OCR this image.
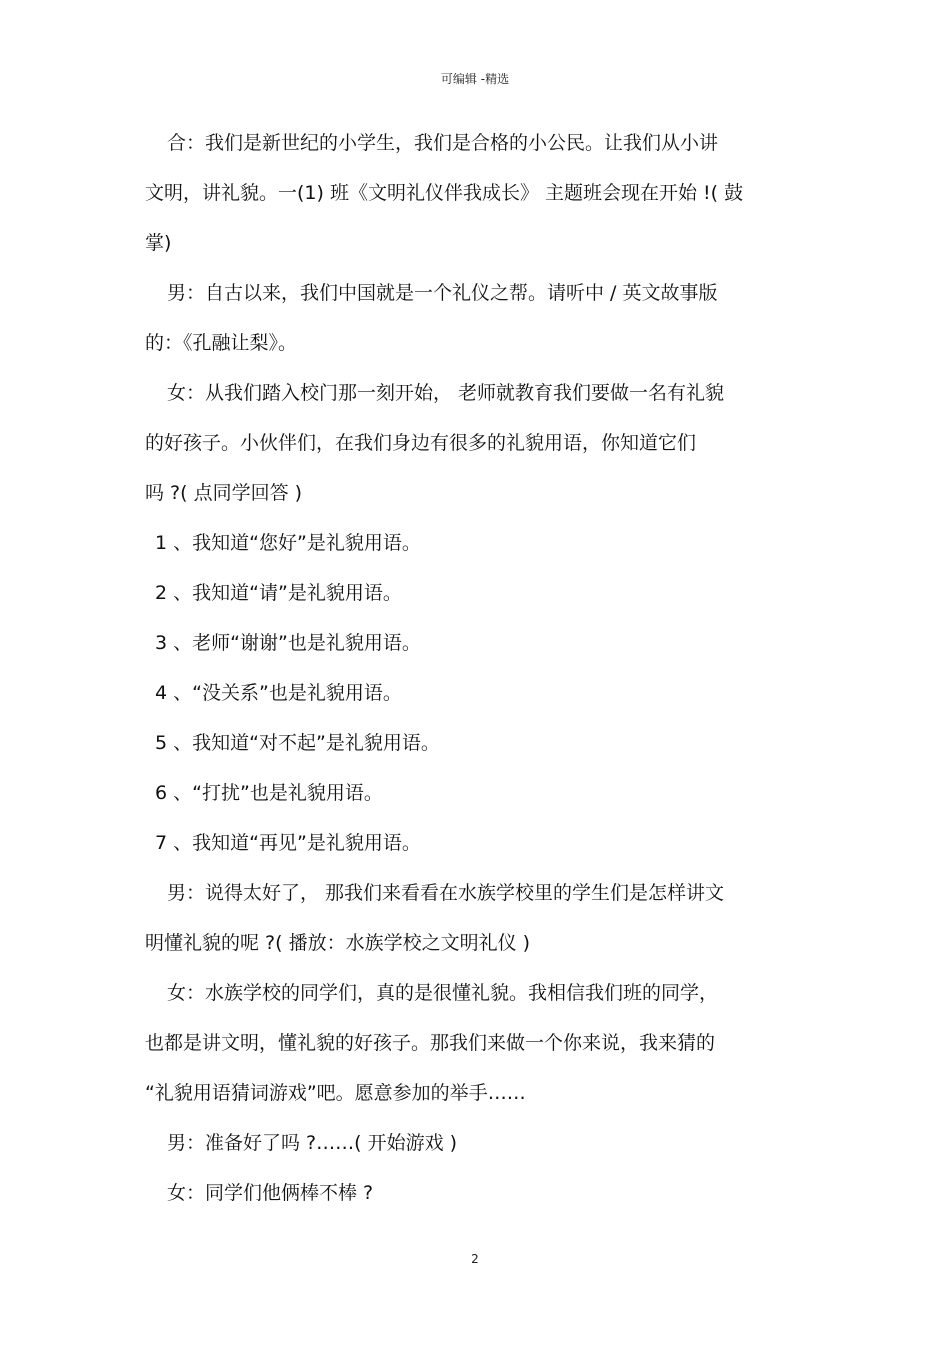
可编辑 -精选
合：我们是新世纪的小学生，我们是合格的小公民。让我们从小讲
文明，讲礼貌。一(1) 班《文明礼仪伴我成长》 主题班会现在开始 !( 鼓
掌)
男：自古以来，我们中国就是一个礼仪之帮。请听中 / 英文故事版
的：《孔融让梨》。
女：从我们踏入校门那一刻开始， 老师就教育我们要做一名有礼貌
的好孩子。小伙伴们，在我们身边有很多的礼貌用语，你知道它们
吗 ?( 点同学回答 )
1 、我知道“您好”是礼貌用语。
2 、我知道“请”是礼貌用语。
3 、老师“谢谢”也是礼貌用语。
4 、“没关系”也是礼貌用语。
5 、我知道“对不起”是礼貌用语。
6 、“打扰”也是礼貌用语。
7 、我知道“再见”是礼貌用语。
男：说得太好了， 那我们来看看在水族学校里的学生们是怎样讲文
明懂礼貌的呢 ?( 播放：水族学校之文明礼仪 )
女：水族学校的同学们，真的是很懂礼貌。我相信我们班的同学，
也都是讲文明，懂礼貌的好孩子。那我们来做一个你来说，我来猜的
“礼貌用语猜词游戏”吧。愿意参加的举手……
男：准备好了吗 ?……( 开始游戏 )
女：同学们他俩棒不棒 ?
2
